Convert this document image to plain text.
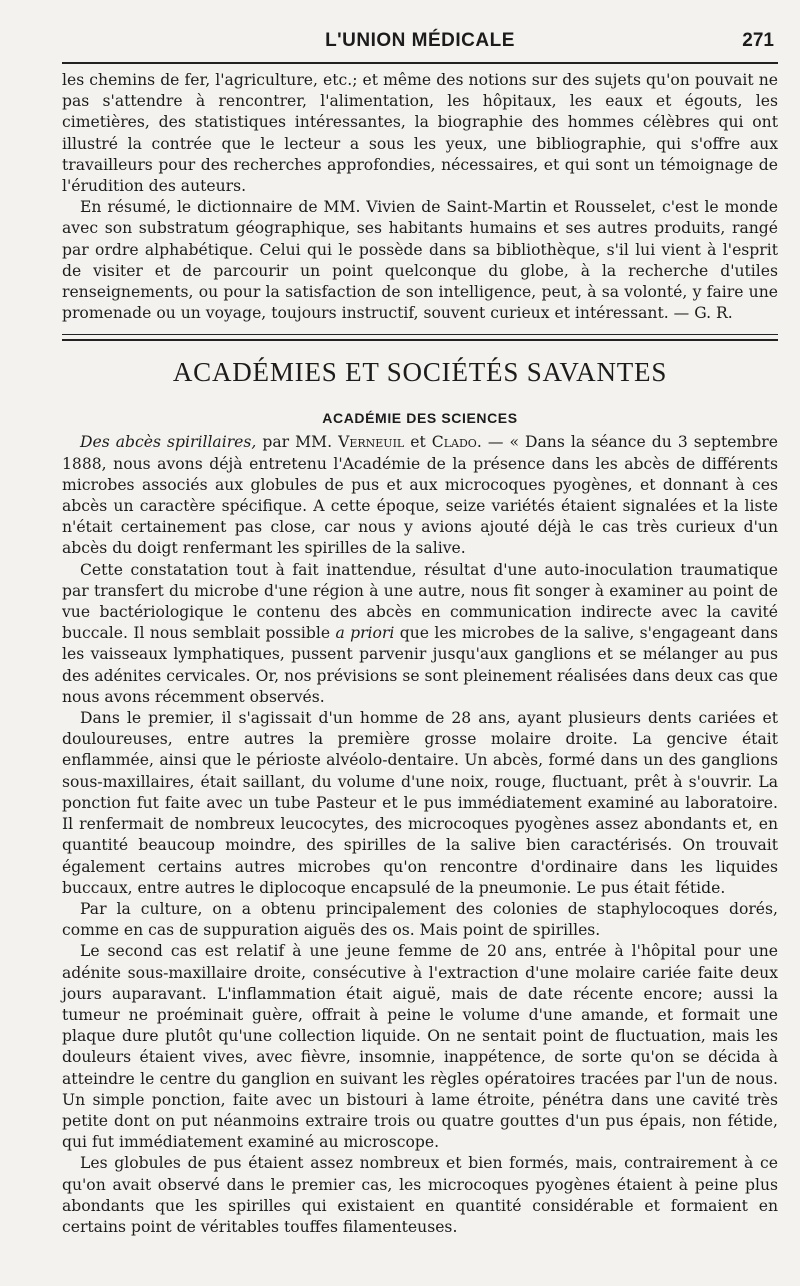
L'UNION MÉDICALE	271

les chemins de fer, l'agriculture, etc.; et même des notions sur des sujets qu'on pouvait ne pas s'attendre à rencontrer, l'alimentation, les hôpitaux, les eaux et égouts, les cimetières, des statistiques intéressantes, la biographie des hommes célèbres qui ont illustré la contrée que le lecteur a sous les yeux, une bibliographie, qui s'offre aux travailleurs pour des recherches approfondies, nécessaires, et qui sont un témoignage de l'érudition des auteurs.

En résumé, le dictionnaire de MM. Vivien de Saint-Martin et Rousselet, c'est le monde avec son substratum géographique, ses habitants humains et ses autres produits, rangé par ordre alphabétique. Celui qui le possède dans sa bibliothèque, s'il lui vient à l'esprit de visiter et de parcourir un point quelconque du globe, à la recherche d'utiles renseignements, ou pour la satisfaction de son intelligence, peut, à sa volonté, y faire une promenade ou un voyage, toujours instructif, souvent curieux et intéressant. — G. R.

ACADÉMIES ET SOCIÉTÉS SAVANTES
ACADÉMIE DES SCIENCES

Des abcès spirillaires, par MM. Verneuil et Clado. — « Dans la séance du 3 septembre 1888, nous avons déjà entretenu l'Académie de la présence dans les abcès de différents microbes associés aux globules de pus et aux microcoques pyogènes, et donnant à ces abcès un caractère spécifique. A cette époque, seize variétés étaient signalées et la liste n'était certainement pas close, car nous y avions ajouté déjà le cas très curieux d'un abcès du doigt renfermant les spirilles de la salive.

Cette constatation tout à fait inattendue, résultat d'une auto-inoculation traumatique par transfert du microbe d'une région à une autre, nous fit songer à examiner au point de vue bactériologique le contenu des abcès en communication indirecte avec la cavité buccale. Il nous semblait possible a priori que les microbes de la salive, s'engageant dans les vaisseaux lymphatiques, pussent parvenir jusqu'aux ganglions et se mélanger au pus des adénites cervicales. Or, nos prévisions se sont pleinement réalisées dans deux cas que nous avons récemment observés.

Dans le premier, il s'agissait d'un homme de 28 ans, ayant plusieurs dents cariées et douloureuses, entre autres la première grosse molaire droite. La gencive était enflammée, ainsi que le périoste alvéolo-dentaire. Un abcès, formé dans un des ganglions sous-maxillaires, était saillant, du volume d'une noix, rouge, fluctuant, prêt à s'ouvrir. La ponction fut faite avec un tube Pasteur et le pus immédiatement examiné au laboratoire. Il renfermait de nombreux leucocytes, des microcoques pyogènes assez abondants et, en quantité beaucoup moindre, des spirilles de la salive bien caractérisés. On trouvait également certains autres microbes qu'on rencontre d'ordinaire dans les liquides buccaux, entre autres le diplocoque encapsulé de la pneumonie. Le pus était fétide.

Par la culture, on a obtenu principalement des colonies de staphylocoques dorés, comme en cas de suppuration aiguës des os. Mais point de spirilles.

Le second cas est relatif à une jeune femme de 20 ans, entrée à l'hôpital pour une adénite sous-maxillaire droite, consécutive à l'extraction d'une molaire cariée faite deux jours auparavant. L'inflammation était aiguë, mais de date récente encore; aussi la tumeur ne proéminait guère, offrait à peine le volume d'une amande, et formait une plaque dure plutôt qu'une collection liquide. On ne sentait point de fluctuation, mais les douleurs étaient vives, avec fièvre, insomnie, inappétence, de sorte qu'on se décida à atteindre le centre du ganglion en suivant les règles opératoires tracées par l'un de nous. Un simple ponction, faite avec un bistouri à lame étroite, pénétra dans une cavité très petite dont on put néanmoins extraire trois ou quatre gouttes d'un pus épais, non fétide, qui fut immédiatement examiné au microscope.

Les globules de pus étaient assez nombreux et bien formés, mais, contrairement à ce qu'on avait observé dans le premier cas, les microcoques pyogènes étaient à peine plus abondants que les spirilles qui existaient en quantité considérable et formaient en certains point de véritables touffes filamenteuses.
